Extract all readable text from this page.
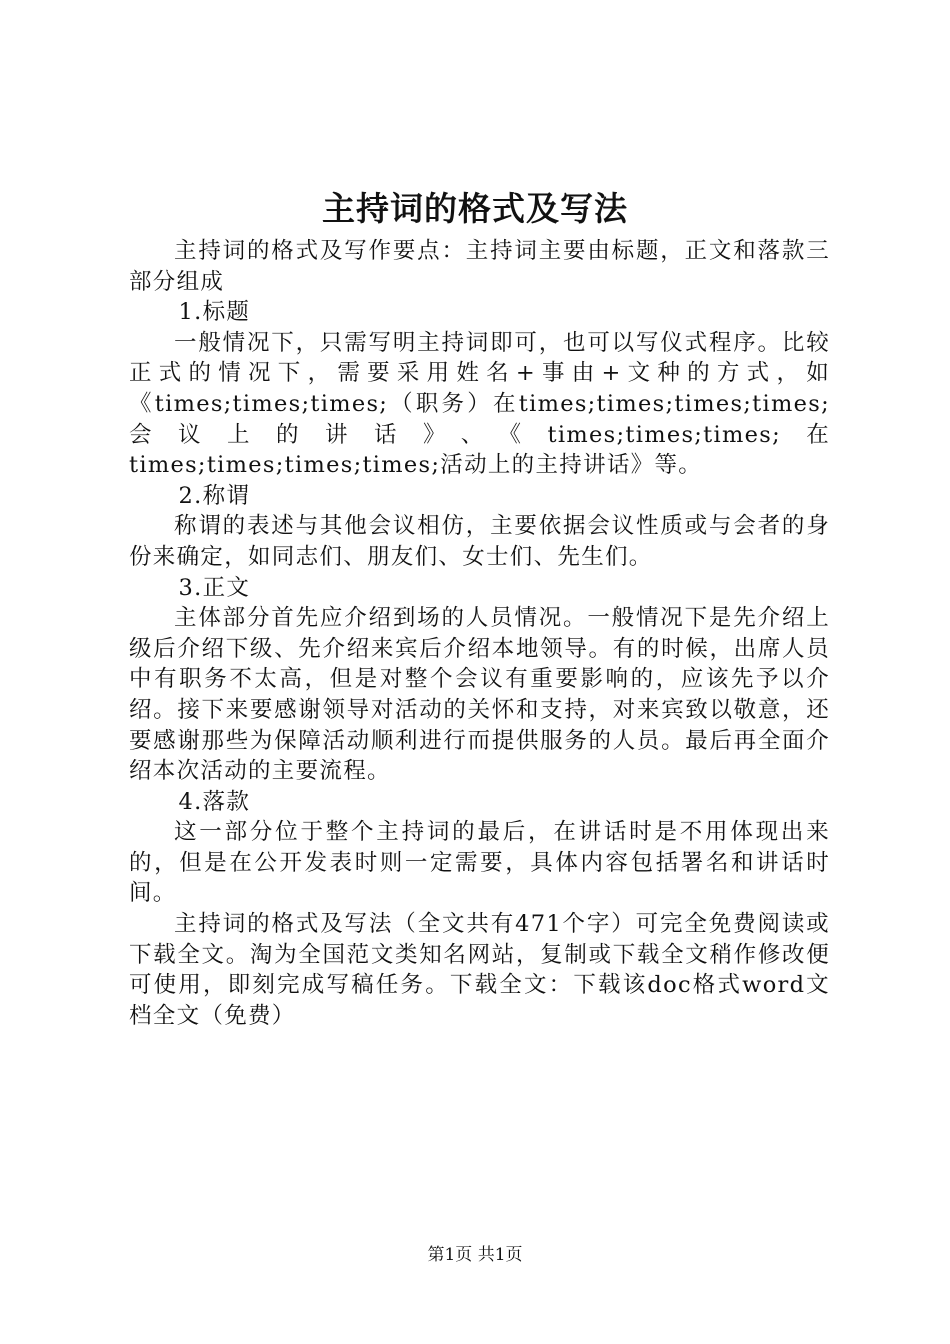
主持词的格式及写法

主持词的格式及写作要点：主持词主要由标题，正文和落款三部分组成

1.标题

一般情况下，只需写明主持词即可，也可以写仪式程序。比较正式的情况下，需要采用姓名+事由+文种的方式，如《times;times;times;（职务）在times;times;times;times;会议上的讲话》、《times;times;times;在times;times;times;times;活动上的主持讲话》等。

2.称谓

称谓的表述与其他会议相仿，主要依据会议性质或与会者的身份来确定，如同志们、朋友们、女士们、先生们。

3.正文

主体部分首先应介绍到场的人员情况。一般情况下是先介绍上级后介绍下级、先介绍来宾后介绍本地领导。有的时候，出席人员中有职务不太高，但是对整个会议有重要影响的，应该先予以介绍。接下来要感谢领导对活动的关怀和支持，对来宾致以敬意，还要感谢那些为保障活动顺利进行而提供服务的人员。最后再全面介绍本次活动的主要流程。

4.落款

这一部分位于整个主持词的最后，在讲话时是不用体现出来的，但是在公开发表时则一定需要，具体内容包括署名和讲话时间。

主持词的格式及写法（全文共有471个字）可完全免费阅读或下载全文。淘为全国范文类知名网站，复制或下载全文稍作修改便可使用，即刻完成写稿任务。下载全文：下载该doc格式word文档全文（免费）

第1页 共1页
